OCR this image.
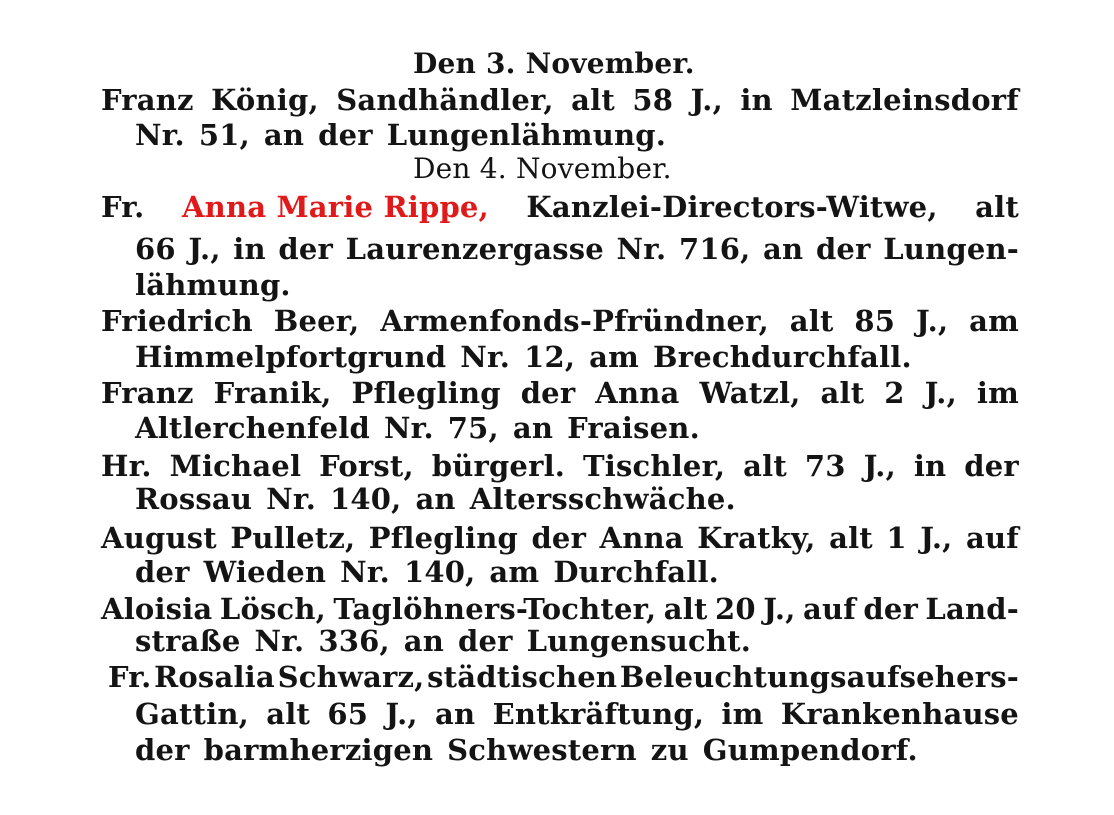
Den 3. November.
Franz König, Sandhändler, alt 58 J., in Matzleinsdorf
Nr. 51, an der Lungenlähmung.
Den 4. November.
Fr. Anna Marie Rippe, Kanzlei-Directors-Witwe, alt
66 J., in der Laurenzergasse Nr. 716, an der Lungen-
lähmung.
Friedrich Beer, Armenfonds-Pfründner, alt 85 J., am
Himmelpfortgrund Nr. 12, am Brechdurchfall.
Franz Franik, Pflegling der Anna Watzl, alt 2 J., im
Altlerchenfeld Nr. 75, an Fraisen.
Hr. Michael Forst, bürgerl. Tischler, alt 73 J., in der
Rossau Nr. 140, an Altersschwäche.
August Pulletz, Pflegling der Anna Kratky, alt 1 J., auf
der Wieden Nr. 140, am Durchfall.
Aloisia Lösch, Taglöhners-Tochter, alt 20 J., auf der Land-
straße Nr. 336, an der Lungensucht.
Fr. Rosalia Schwarz, städtischen Beleuchtungsaufsehers-
Gattin, alt 65 J., an Entkräftung, im Krankenhause
der barmherzigen Schwestern zu Gumpendorf.
